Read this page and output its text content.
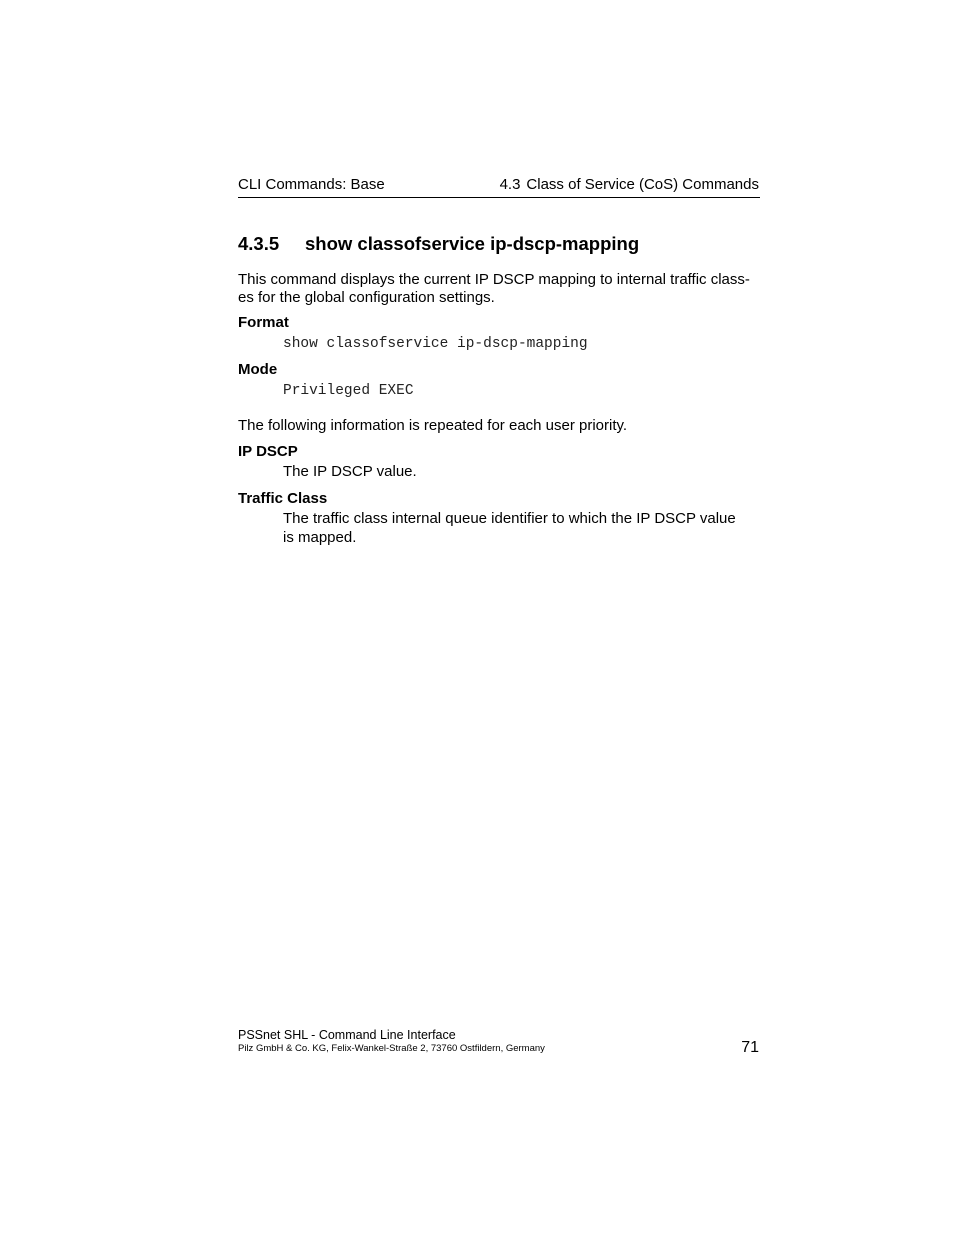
CLI Commands: Base	4.3 Class of Service (CoS) Commands
4.3.5 show classofservice ip-dscp-mapping
This command displays the current IP DSCP mapping to internal traffic class-
es for the global configuration settings.
Format
show classofservice ip-dscp-mapping
Mode
Privileged EXEC
The following information is repeated for each user priority.
IP DSCP
The IP DSCP value.
Traffic Class
The traffic class internal queue identifier to which the IP DSCP value
is mapped.
PSSnet SHL - Command Line Interface
Pilz GmbH & Co. KG, Felix-Wankel-Straße 2, 73760 Ostfildern, Germany	71
